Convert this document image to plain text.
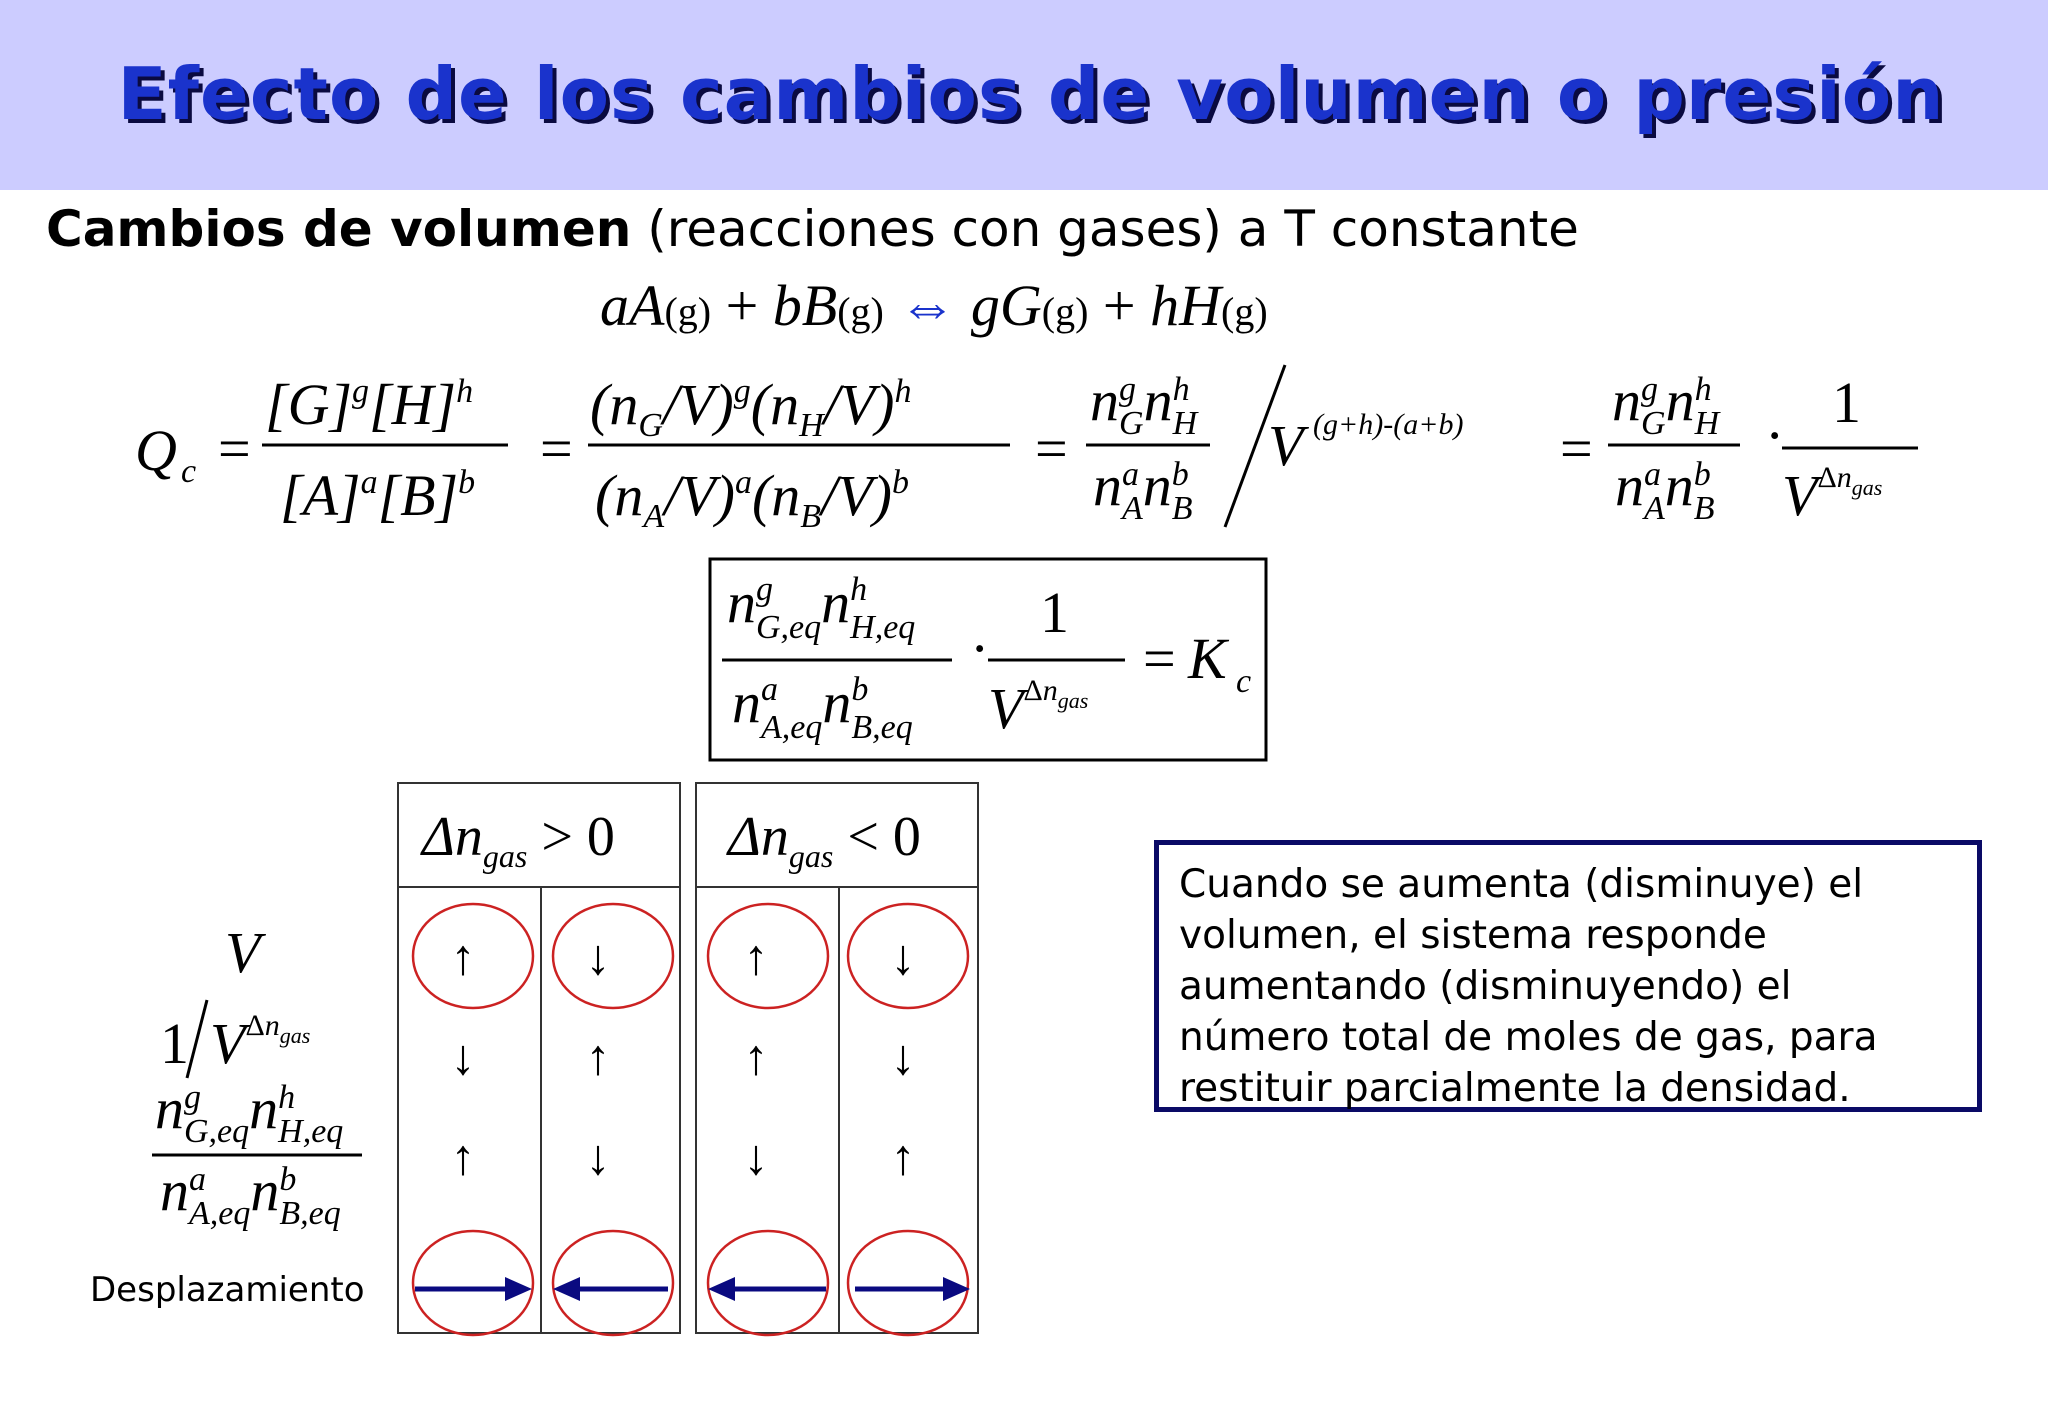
Efecto de los cambios de volumen o presión
Cambios de volumen (reacciones con gases) a T constante
aA(g) + bB(g) ⇔ gG(g) + hH(g)
Q c =
$[G]^g[H]^h$
$[A]^a[B]^b$
=
$(n_G/V)^g(n_H/V)^h$
$(n_A/V)^a(n_B/V)^b$
=
$n^g$ Gn$^h$ H
$n^a$ An$^b$ B
V (g+h)-(a+b) =
$n^g$ Gn$^h$ H
$n^a$ An$^b$ B
·
1
$V^\Delta ngas$
$n^g$ G,eqn$^h$ H,eq
$n^a$ A,eqn$^b$ B,eq
·
1
$V^\Delta ngas$
= K c
V
1 $V^\Delta ngas$
$n^g$ G,eqn$^h$ H,eq
$n^a$ A,eqn$^b$ B,eq
$\Delta n_{gas} > 0$ $\Delta n_{gas} < 0$
↑
↓
↑
↓
↑
↓
↑
↑
↓
↓
↓
↑
Desplazamiento
Cuando se aumenta (disminuye) el
volumen, el sistema responde
aumentando (disminuyendo) el
número total de moles de gas, para
restituir parcialmente la densidad.
